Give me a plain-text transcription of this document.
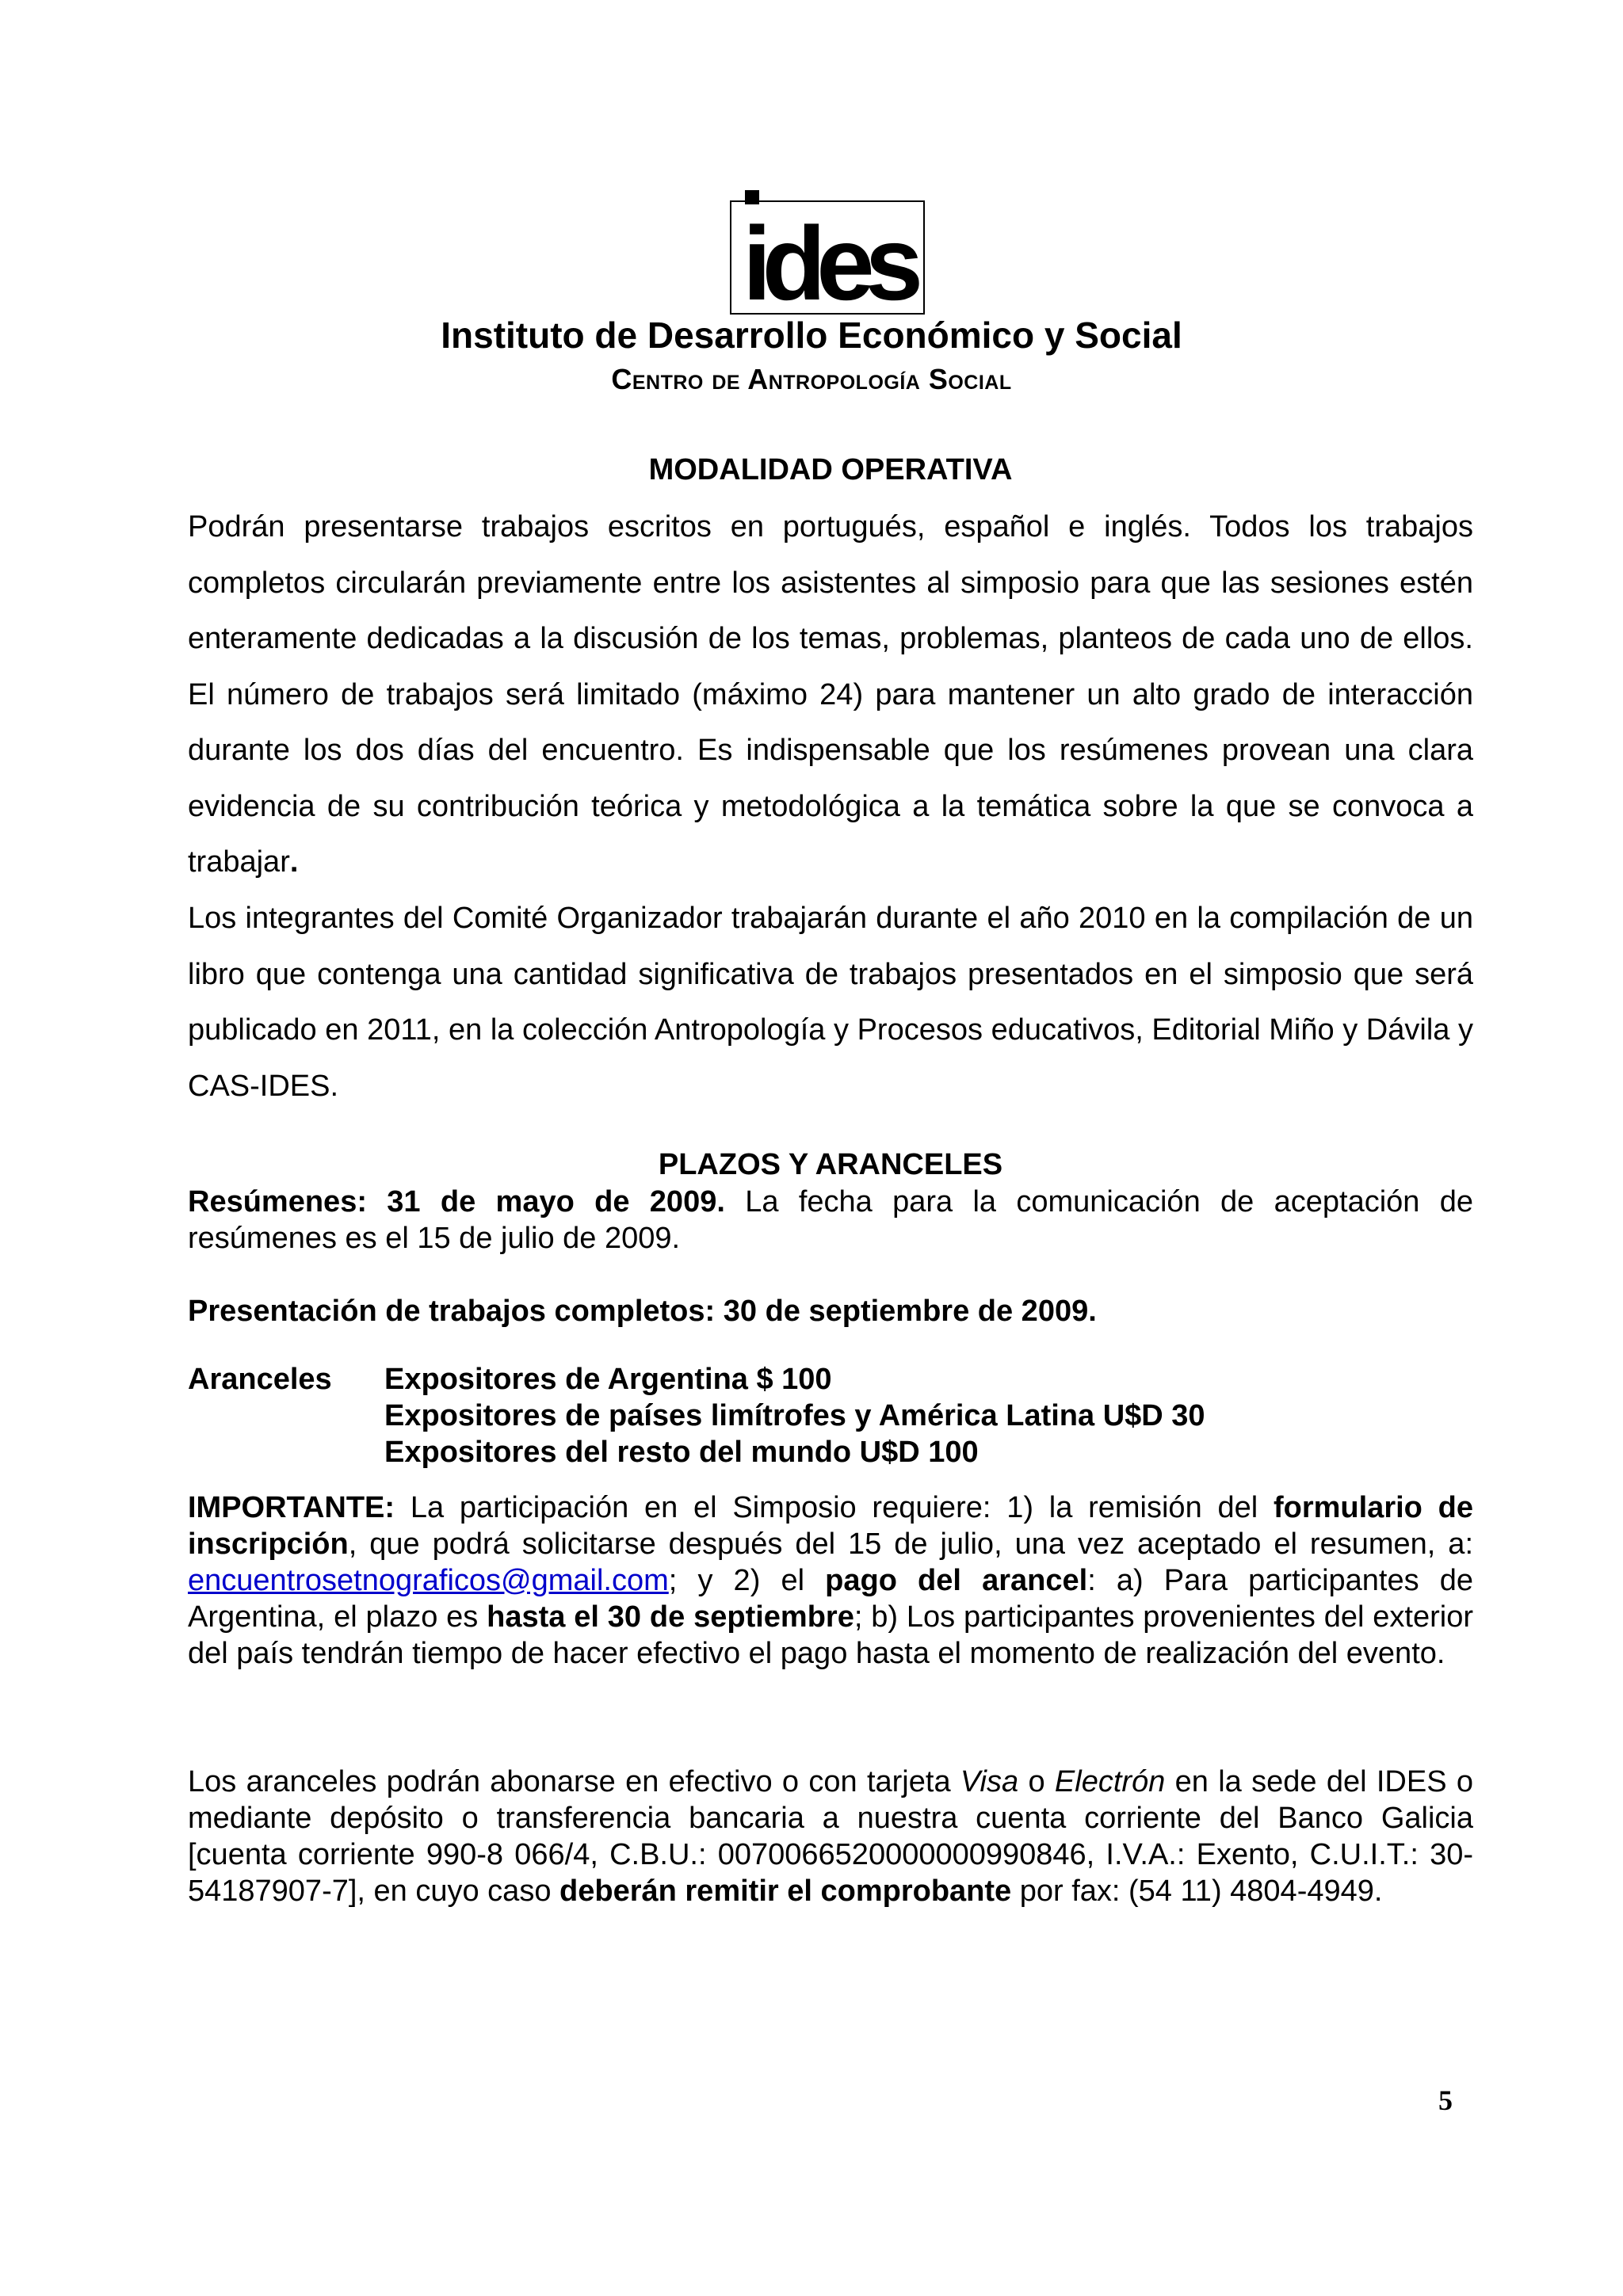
ides
Instituto de Desarrollo Económico y Social
Centro de Antropología Social
MODALIDAD OPERATIVA

Podrán presentarse trabajos escritos en portugués, español e inglés. Todos los trabajos completos circularán previamente entre los asistentes al simposio para que las sesiones estén enteramente dedicadas a la discusión de los temas, problemas, planteos de cada uno de ellos. El número de trabajos será limitado (máximo 24) para mantener un alto grado de interacción durante los dos días del encuentro. Es indispensable que los resúmenes provean una clara evidencia de su contribución teórica y metodológica a la temática sobre la que se convoca a trabajar.

Los integrantes del Comité Organizador trabajarán durante el año 2010 en la compilación de un libro que contenga una cantidad significativa de trabajos presentados en el simposio que será publicado en 2011, en la colección Antropología y Procesos educativos, Editorial Miño y Dávila y CAS-IDES.

PLAZOS Y ARANCELES

Resúmenes: 31 de mayo de 2009. La fecha para la comunicación de aceptación de resúmenes es el 15 de julio de 2009.

Presentación de trabajos completos: 30 de septiembre de 2009.

Aranceles Expositores de Argentina $ 100
Expositores de países limítrofes y América Latina U$D 30
Expositores del resto del mundo U$D 100

IMPORTANTE: La participación en el Simposio requiere: 1) la remisión del formulario de inscripción, que podrá solicitarse después del 15 de julio, una vez aceptado el resumen, a: encuentrosetnograficos@gmail.com; y 2) el pago del arancel: a) Para participantes de Argentina, el plazo es hasta el 30 de septiembre; b) Los participantes provenientes del exterior del país tendrán tiempo de hacer efectivo el pago hasta el momento de realización del evento.

Los aranceles podrán abonarse en efectivo o con tarjeta Visa o Electrón en la sede del IDES o mediante depósito o transferencia bancaria a nuestra cuenta corriente del Banco Galicia [cuenta corriente 990-8 066/4, C.B.U.: 0070066520000000990846, I.V.A.: Exento, C.U.I.T.: 30-54187907-7], en cuyo caso deberán remitir el comprobante por fax: (54 11) 4804-4949.

5
